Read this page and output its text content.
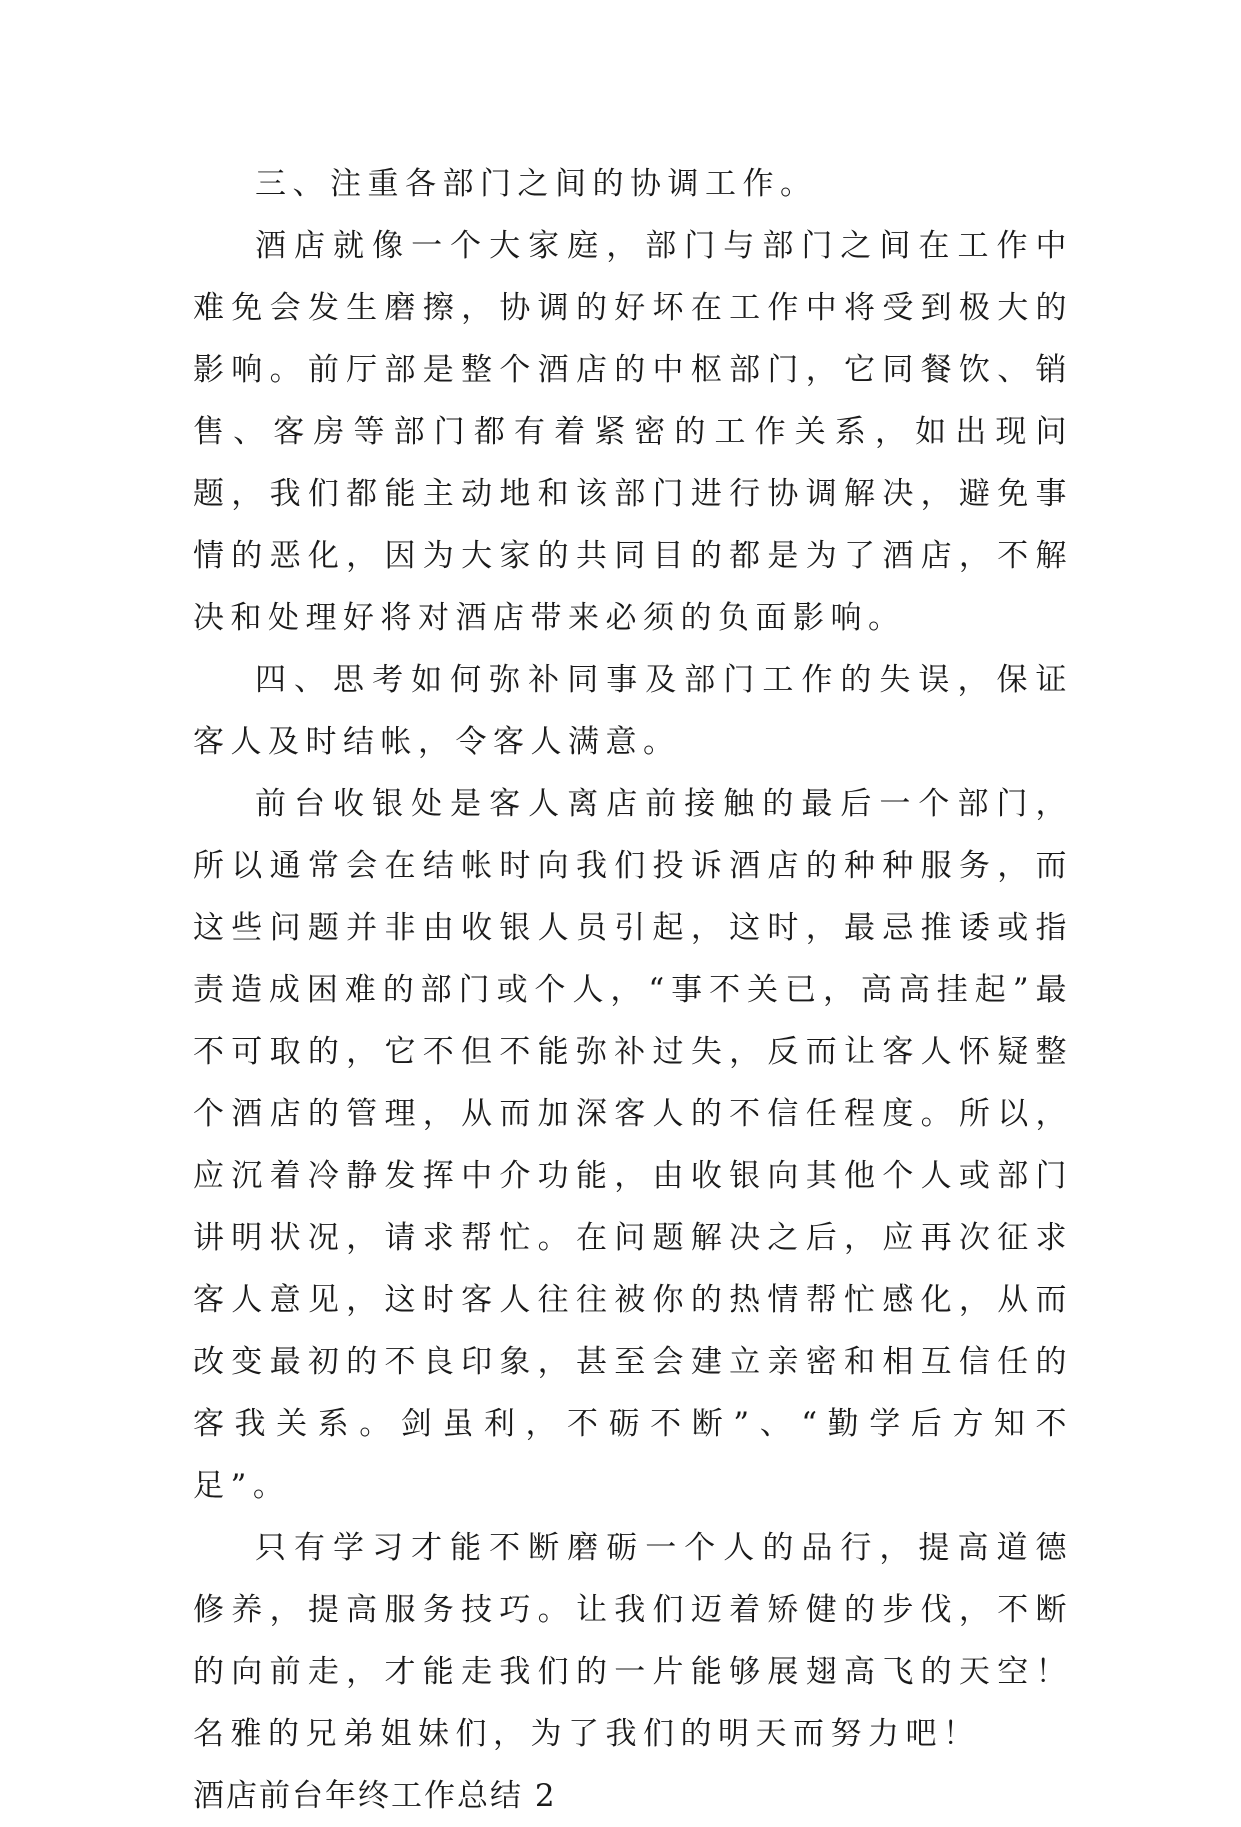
三、注重各部门之间的协调工作。

酒店就像一个大家庭，部门与部门之间在工作中难免会发生磨擦，协调的好坏在工作中将受到极大的影响。前厅部是整个酒店的中枢部门，它同餐饮、销售、客房等部门都有着紧密的工作关系，如出现问题，我们都能主动地和该部门进行协调解决，避免事情的恶化，因为大家的共同目的都是为了酒店，不解决和处理好将对酒店带来必须的负面影响。

四、思考如何弥补同事及部门工作的失误，保证客人及时结帐，令客人满意。

前台收银处是客人离店前接触的最后一个部门，所以通常会在结帐时向我们投诉酒店的种种服务，而这些问题并非由收银人员引起，这时，最忌推诿或指责造成困难的部门或个人，“事不关已，高高挂起”最不可取的，它不但不能弥补过失，反而让客人怀疑整个酒店的管理，从而加深客人的不信任程度。所以，应沉着冷静发挥中介功能，由收银向其他个人或部门讲明状况，请求帮忙。在问题解决之后，应再次征求客人意见，这时客人往往被你的热情帮忙感化，从而改变最初的不良印象，甚至会建立亲密和相互信任的客我关系。剑虽利，不砺不断”、“勤学后方知不足”。

只有学习才能不断磨砺一个人的品行，提高道德修养，提高服务技巧。让我们迈着矫健的步伐，不断的向前走，才能走我们的一片能够展翅高飞的天空！名雅的兄弟姐妹们，为了我们的明天而努力吧！

酒店前台年终工作总结 2
